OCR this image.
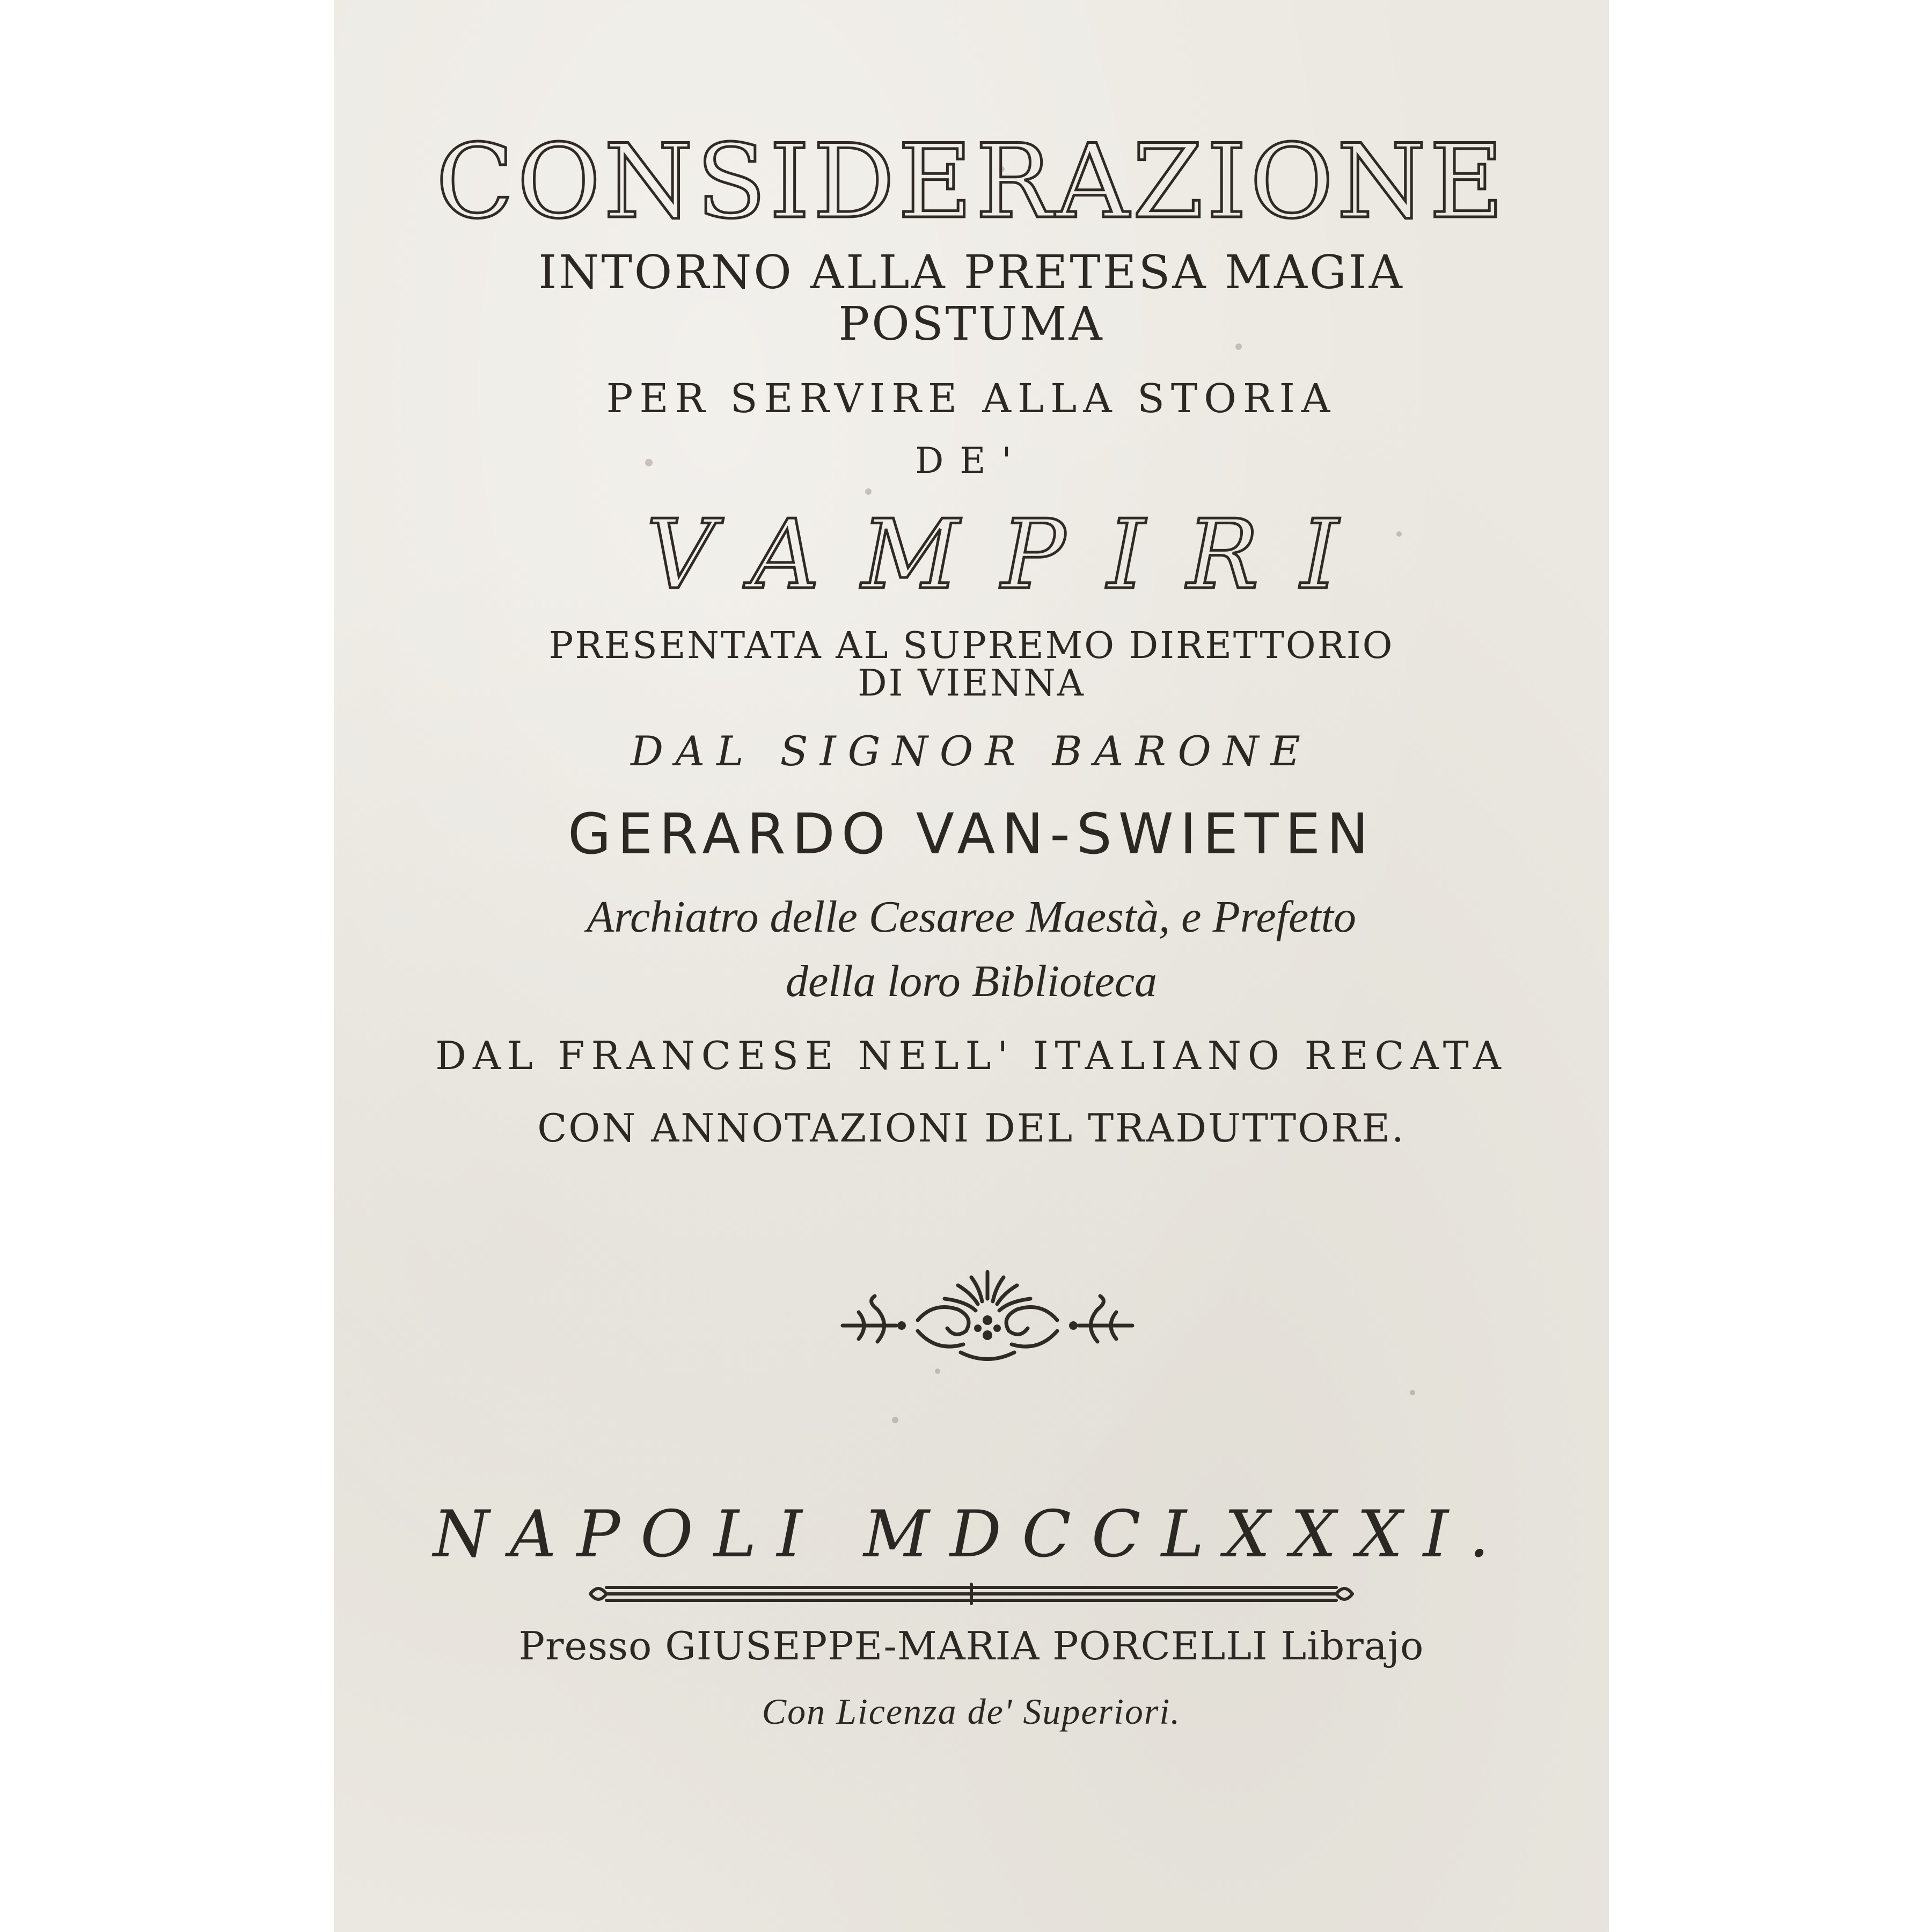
CONSIDERAZIONE
INTORNO ALLA PRETESA MAGIA
POSTUMA
PER SERVIRE ALLA STORIA
DE'
VAMPIRI
PRESENTATA AL SUPREMO DIRETTORIO
DI VIENNA
DAL SIGNOR BARONE
GERARDO VAN-SWIETEN
Archiatro delle Cesaree Maestà, e Prefetto
della loro Biblioteca
DAL FRANCESE NELL' ITALIANO RECATA
CON ANNOTAZIONI DEL TRADUTTORE.
NAPOLI MDCCLXXXI.
Presso GIUSEPPE-MARIA PORCELLI Librajo
Con Licenza de' Superiori.
